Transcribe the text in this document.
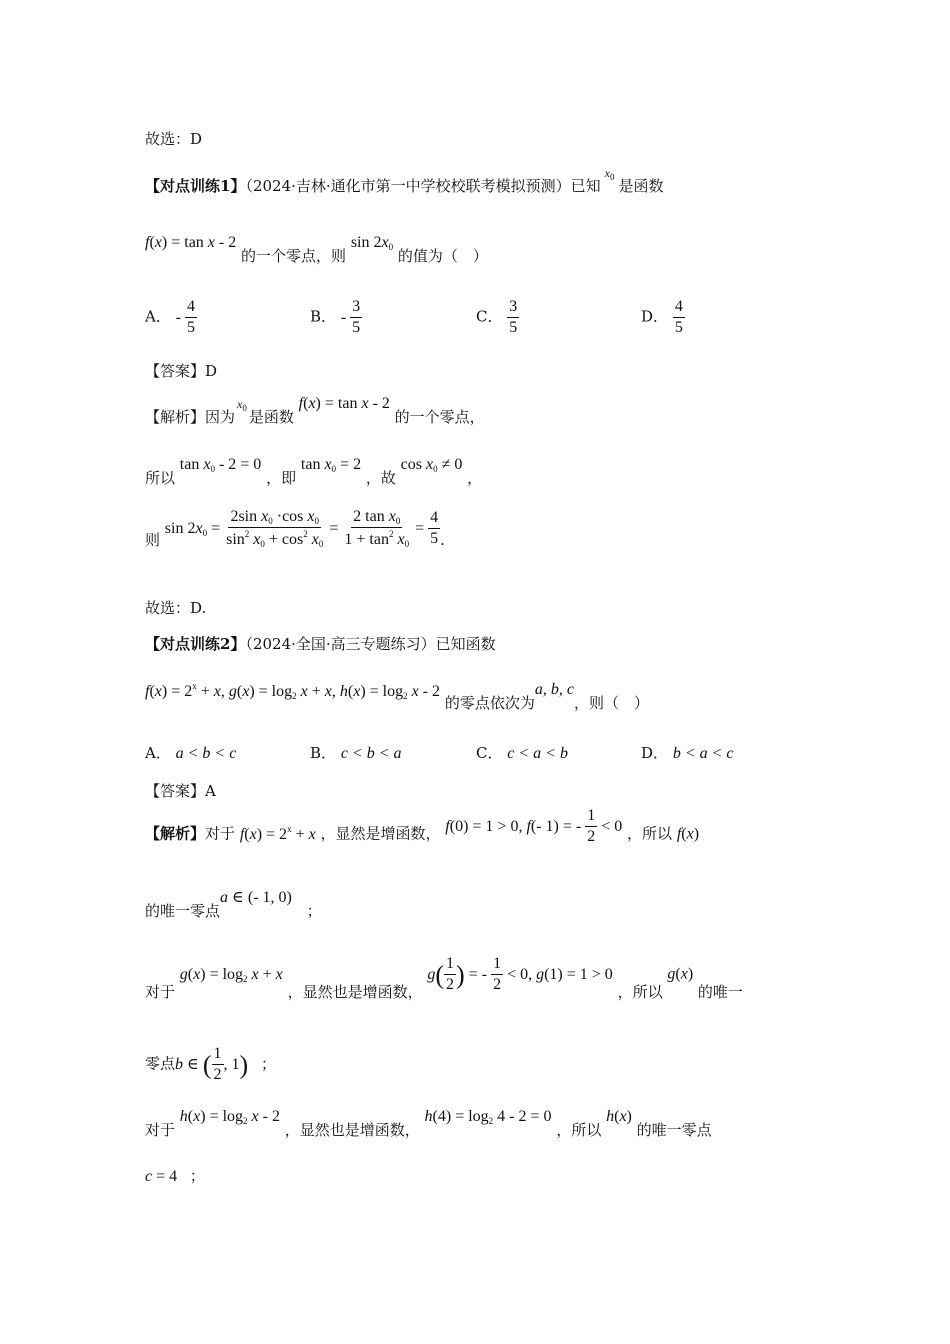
故选：D
【对点训练1】（2024·吉林·通化市第一中学校校联考模拟预测）已知$^{x_0}$ 是函数
f(x) = tan x - 2 的一个零点，则 $\sin 2x_0$ 的值为（　）
A． - $\frac{4}{5}$	B． - $\frac{3}{5}$	C． $\frac{3}{5}$	D． $\frac{4}{5}$
【答案】D
【解析】因为$x_0$ 是函数 f(x) = tan x - 2 的一个零点，
所以 $\tan x_0 - 2 = 0$ ，即 $\tan x_0 = 2$ ，故 $\cos x_0 \ne 0$ ，
则 $\sin 2x_0 = \frac{2\sin x_0 \cdot\cos x_0}{\sin^2 x_0 + \cos^2 x_0} = \frac{2 \tan x_0}{1 + \tan^2 x_0} = \frac{4}{5}$ .
故选：D.
【对点训练2】（2024·全国·高三专题练习）已知函数
$f(x) = 2^x + x$, $g(x) = \log_2 x + x$, $h(x) = \log_2 x - 2$ 的零点依次为a, b, c，则（　）
A． a < b < c	B． c < b < a	C． c < a < b	D． b < a < c
【答案】A
【解析】对于 $f(x) = 2^x + x$ ，显然是增函数， f(0) = 1 > 0, f(- 1) = - $\frac{1}{2} < 0$ ，所以 f(x)
的唯一零点a ∈ (- 1, 0) ；
对于 $g(x) = \log_2 x + x$ ，显然也是增函数， $g( \frac{1}{2}$ ) = - $\frac{1}{2} < 0$, g(1) = 1 > 0 ，所以 g(x) 的唯一
零点b ∈ ( $\frac{1}{2}$ , 1) ；
对于 $h(x) = \log_2 x - 2$ ，显然也是增函数， $h(4) = \log_2 4 - 2 = 0$ ，所以 h(x) 的唯一零点
c = 4 ；
